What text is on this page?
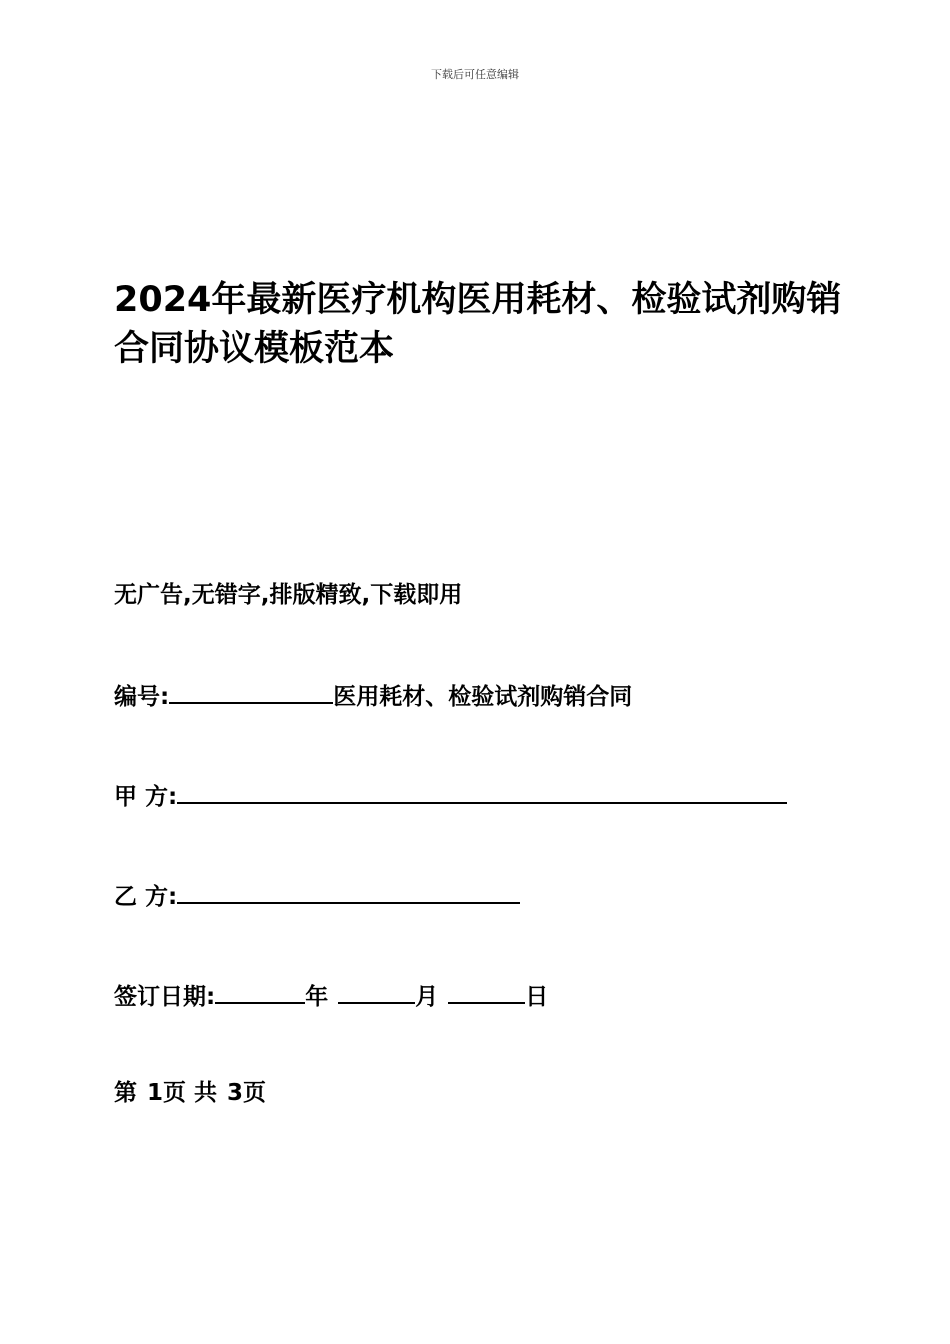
下载后可任意编辑
2024年最新医疗机构医用耗材、检验试剂购销合同协议模板范本
无广告,无错字,排版精致,下载即用
编号:	医用耗材、检验试剂购销合同
甲 方:
乙 方:
签订日期:	年	月	日
第 1页 共 3页
